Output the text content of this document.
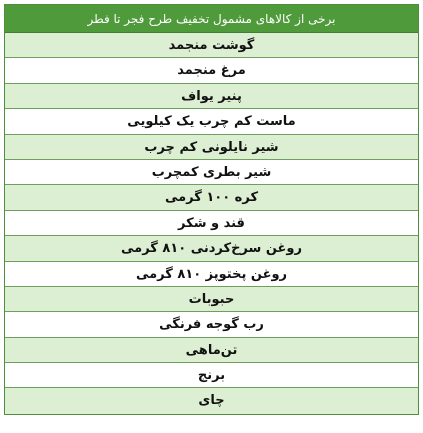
برخی از کالاهای مشمول تخفیف طرح فجر تا فطر
گوشت منجمد
مرغ منجمد
پنیر یواف
ماست کم چرب یک کیلویی
شیر نایلونی کم چرب
شیر بطری کمچرب
کره ۱۰۰ گرمی
قند و شکر
روغن سرخ‌کردنی ۸۱۰ گرمی
روغن پختوپز ۸۱۰ گرمی
حبوبات
رب گوجه فرنگی
تن‌ماهی
برنج
چای
